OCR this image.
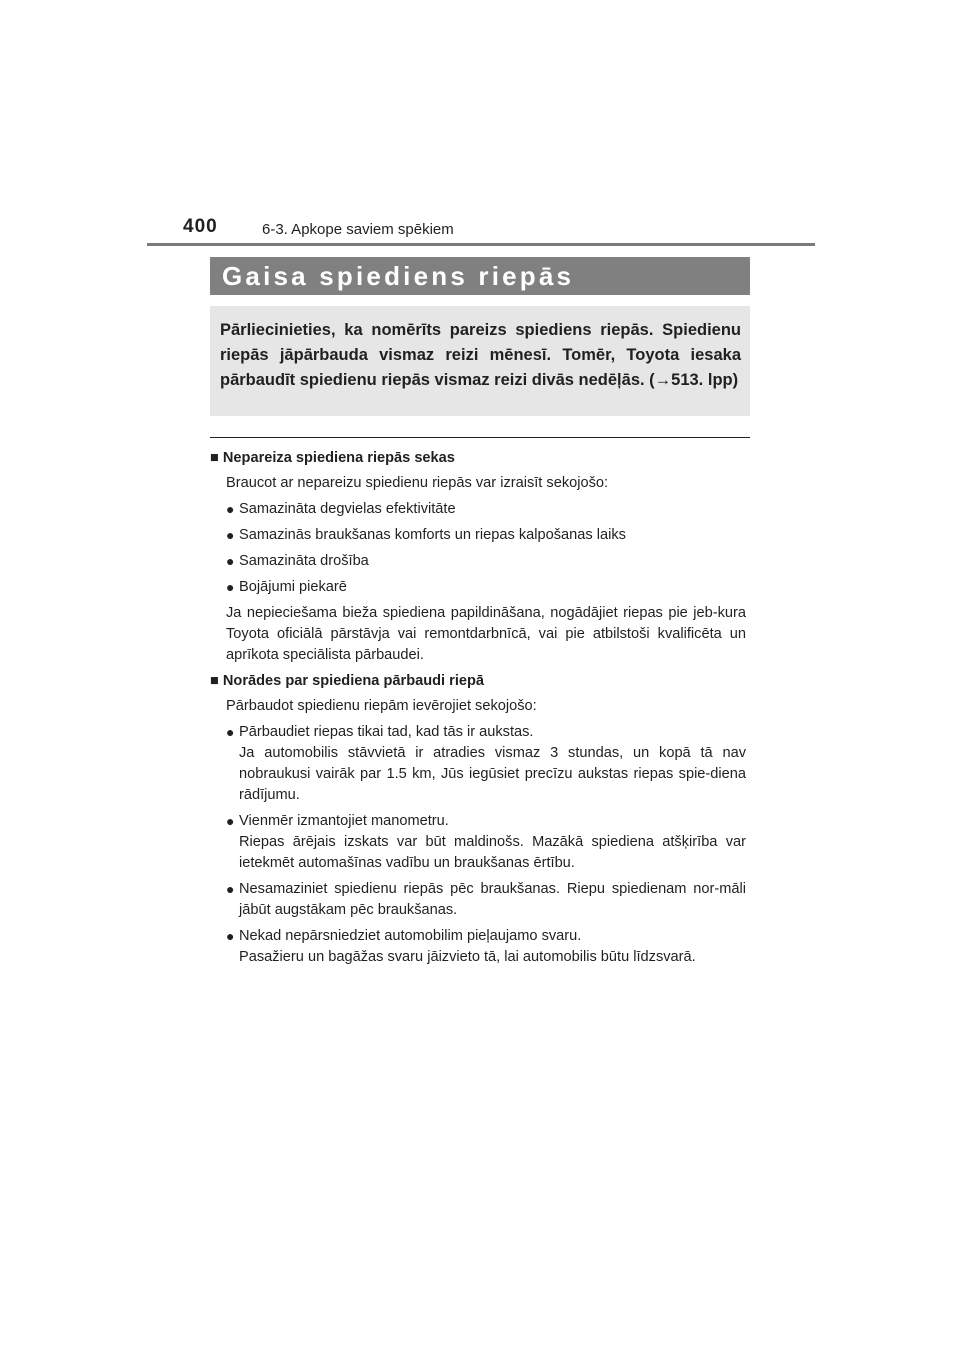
400	6-3. Apkope saviem spēkiem
Gaisa spiediens riepās

Pārliecinieties, ka nomērīts pareizs spiediens riepās. Spiedienu riepās jāpārbauda vismaz reizi mēnesī. Tomēr, Toyota iesaka pārbaudīt spiedienu riepās vismaz reizi divās nedēļās. (→513. lpp)

■ Nepareiza spiediena riepās sekas

Braucot ar nepareizu spiedienu riepās var izraisīt sekojošo:

● Samazināta degvielas efektivitāte
● Samazinās braukšanas komforts un riepas kalpošanas laiks
● Samazināta drošība
● Bojājumi piekarē

Ja nepieciešama bieža spiediena papildināšana, nogādājiet riepas pie jeb-kura Toyota oficiālā pārstāvja vai remontdarbnīcā, vai pie atbilstoši kvalificēta un aprīkota speciālista pārbaudei.

■ Norādes par spiediena pārbaudi riepā

Pārbaudot spiedienu riepām ievērojiet sekojošo:

● Pārbaudiet riepas tikai tad, kad tās ir aukstas.
Ja automobilis stāvvietā ir atradies vismaz 3 stundas, un kopā tā nav nobraukusi vairāk par 1.5 km, Jūs iegūsiet precīzu aukstas riepas spie-diena rādījumu.
● Vienmēr izmantojiet manometru.
Riepas ārējais izskats var būt maldinošs. Mazākā spiediena atšķirība var ietekmēt automašīnas vadību un braukšanas ērtību.
● Nesamaziniet spiedienu riepās pēc braukšanas. Riepu spiedienam nor-māli jābūt augstākam pēc braukšanas.
● Nekad nepārsniedziet automobilim pieļaujamo svaru.
Pasažieru un bagāžas svaru jāizvieto tā, lai automobilis būtu līdzsvarā.
